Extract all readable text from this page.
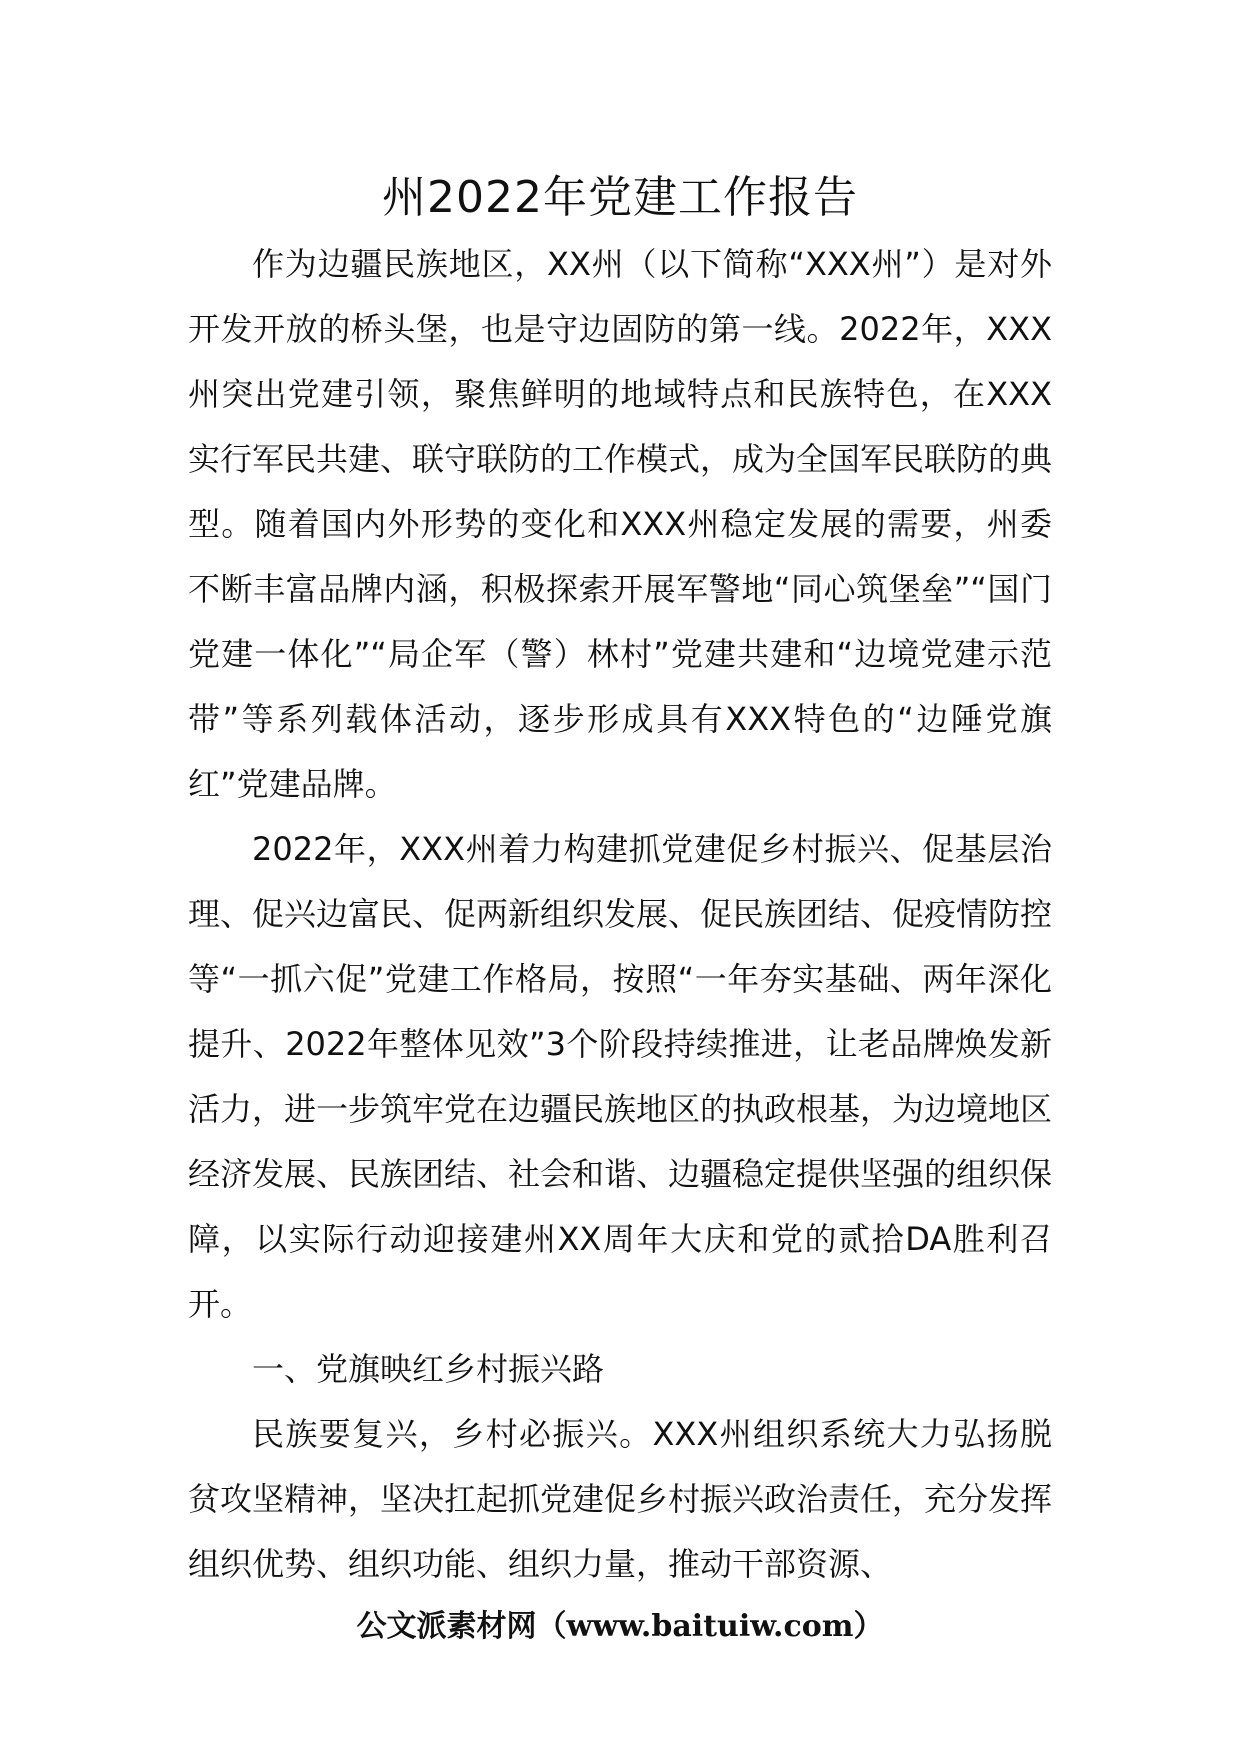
州2022年党建工作报告

作为边疆民族地区，XX州（以下简称“XXX州”）是对外开发开放的桥头堡，也是守边固防的第一线。2022年，XXX州突出党建引领，聚焦鲜明的地域特点和民族特色，在XXX实行军民共建、联守联防的工作模式，成为全国军民联防的典型。随着国内外形势的变化和XXX州稳定发展的需要，州委不断丰富品牌内涵，积极探索开展军警地“同心筑堡垒”“国门党建一体化”“局企军（警）林村”党建共建和“边境党建示范带”等系列载体活动，逐步形成具有XXX特色的“边陲党旗红”党建品牌。

2022年，XXX州着力构建抓党建促乡村振兴、促基层治理、促兴边富民、促两新组织发展、促民族团结、促疫情防控等“一抓六促”党建工作格局，按照“一年夯实基础、两年深化提升、2022年整体见效”3个阶段持续推进，让老品牌焕发新活力，进一步筑牢党在边疆民族地区的执政根基，为边境地区经济发展、民族团结、社会和谐、边疆稳定提供坚强的组织保障，以实际行动迎接建州XX周年大庆和党的贰拾DA胜利召开。

一、党旗映红乡村振兴路

民族要复兴，乡村必振兴。XXX州组织系统大力弘扬脱贫攻坚精神，坚决扛起抓党建促乡村振兴政治责任，充分发挥组织优势、组织功能、组织力量，推动干部资源、

公文派素材网（www.baituiw.com）
